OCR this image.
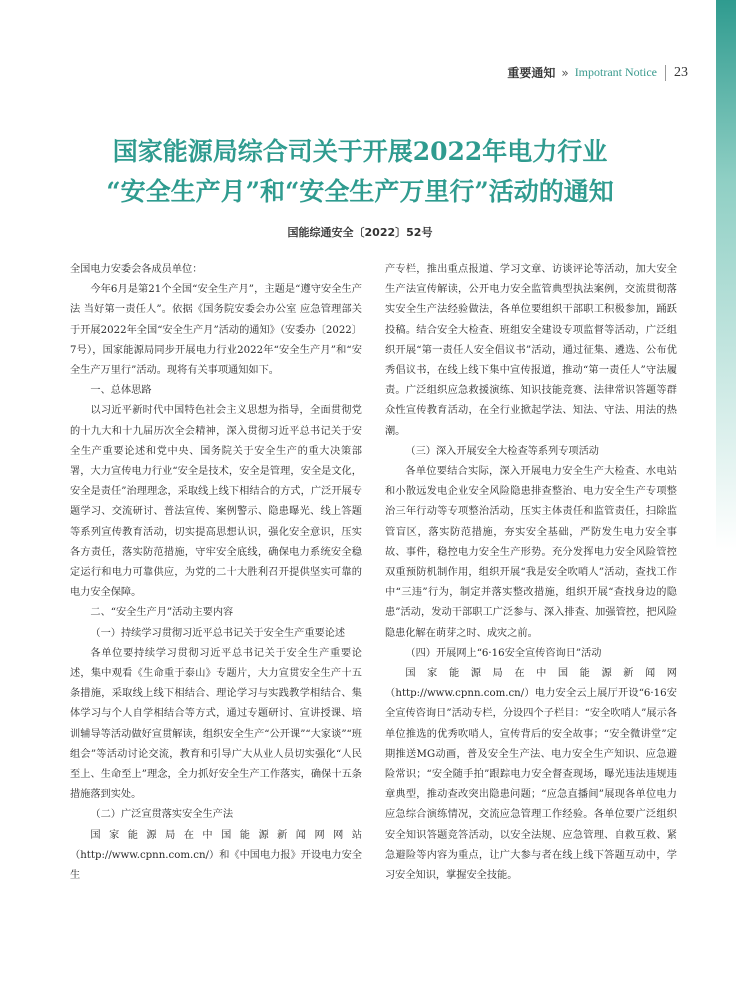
重要通知 » Impotrant Notice 23
国家能源局综合司关于开展2022年电力行业
“安全生产月”和“安全生产万里行”活动的通知
国能综通安全〔2022〕52号

全国电力安委会各成员单位：

今年6月是第21个全国“安全生产月”，主题是“遵守安全生产法 当好第一责任人”。依据《国务院安委会办公室 应急管理部关于开展2022年全国“安全生产月”活动的通知》（安委办〔2022〕7号），国家能源局同步开展电力行业2022年“安全生产月”和“安全生产万里行”活动。现将有关事项通知如下。

一、总体思路

以习近平新时代中国特色社会主义思想为指导，全面贯彻党的十九大和十九届历次全会精神，深入贯彻习近平总书记关于安全生产重要论述和党中央、国务院关于安全生产的重大决策部署，大力宣传电力行业“安全是技术，安全是管理，安全是文化，安全是责任”治理理念，采取线上线下相结合的方式，广泛开展专题学习、交流研讨、普法宣传、案例警示、隐患曝光、线上答题等系列宣传教育活动，切实提高思想认识，强化安全意识，压实各方责任，落实防范措施，守牢安全底线，确保电力系统安全稳定运行和电力可靠供应，为党的二十大胜利召开提供坚实可靠的电力安全保障。

二、“安全生产月”活动主要内容

（一）持续学习贯彻习近平总书记关于安全生产重要论述

各单位要持续学习贯彻习近平总书记关于安全生产重要论述，集中观看《生命重于泰山》专题片，大力宣贯安全生产十五条措施，采取线上线下相结合、理论学习与实践教学相结合、集体学习与个人自学相结合等方式，通过专题研讨、宣讲授课、培训辅导等活动做好宣贯解读，组织安全生产“公开课”“大家谈”“班组会”等活动讨论交流，教育和引导广大从业人员切实强化“人民至上、生命至上”理念，全力抓好安全生产工作落实，确保十五条措施落到实处。

（二）广泛宣贯落实安全生产法

国家能源局在中国能源新闻网网站（http://www.cpnn.com.cn/）和《中国电力报》开设电力安全生

产专栏，推出重点报道、学习文章、访谈评论等活动，加大安全生产法宣传解读，公开电力安全监管典型执法案例，交流贯彻落实安全生产法经验做法，各单位要组织干部职工积极参加，踊跃投稿。结合安全大检查、班组安全建设专项监督等活动，广泛组织开展“第一责任人安全倡议书”活动，通过征集、遴选、公布优秀倡议书，在线上线下集中宣传报道，推动“第一责任人”守法履责。广泛组织应急救援演练、知识技能竞赛、法律常识答题等群众性宣传教育活动，在全行业掀起学法、知法、守法、用法的热潮。

（三）深入开展安全大检查等系列专项活动

各单位要结合实际，深入开展电力安全生产大检查、水电站和小散远发电企业安全风险隐患排查整治、电力安全生产专项整治三年行动等专项整治活动，压实主体责任和监管责任，扫除监管盲区，落实防范措施，夯实安全基础，严防发生电力安全事故、事件，稳控电力安全生产形势。充分发挥电力安全风险管控双重预防机制作用，组织开展“我是安全吹哨人”活动，查找工作中“三违”行为，制定并落实整改措施，组织开展“查找身边的隐患”活动，发动干部职工广泛参与、深入排查、加强管控，把风险隐患化解在萌芽之时、成灾之前。

（四）开展网上“6·16安全宣传咨询日”活动

国家能源局在中国能源新闻网（http://www.cpnn.com.cn/）电力安全云上展厅开设“6·16安全宣传咨询日”活动专栏，分设四个子栏目：“安全吹哨人”展示各单位推选的优秀吹哨人，宣传背后的安全故事；“安全微讲堂”定期推送MG动画，普及安全生产法、电力安全生产知识、应急避险常识；“安全随手拍”跟踪电力安全督查现场，曝光违法违规违章典型，推动查改突出隐患问题；“应急直播间”展现各单位电力应急综合演练情况，交流应急管理工作经验。各单位要广泛组织安全知识答题竞答活动，以安全法规、应急管理、自救互救、紧急避险等内容为重点，让广大参与者在线上线下答题互动中，学习安全知识，掌握安全技能。
